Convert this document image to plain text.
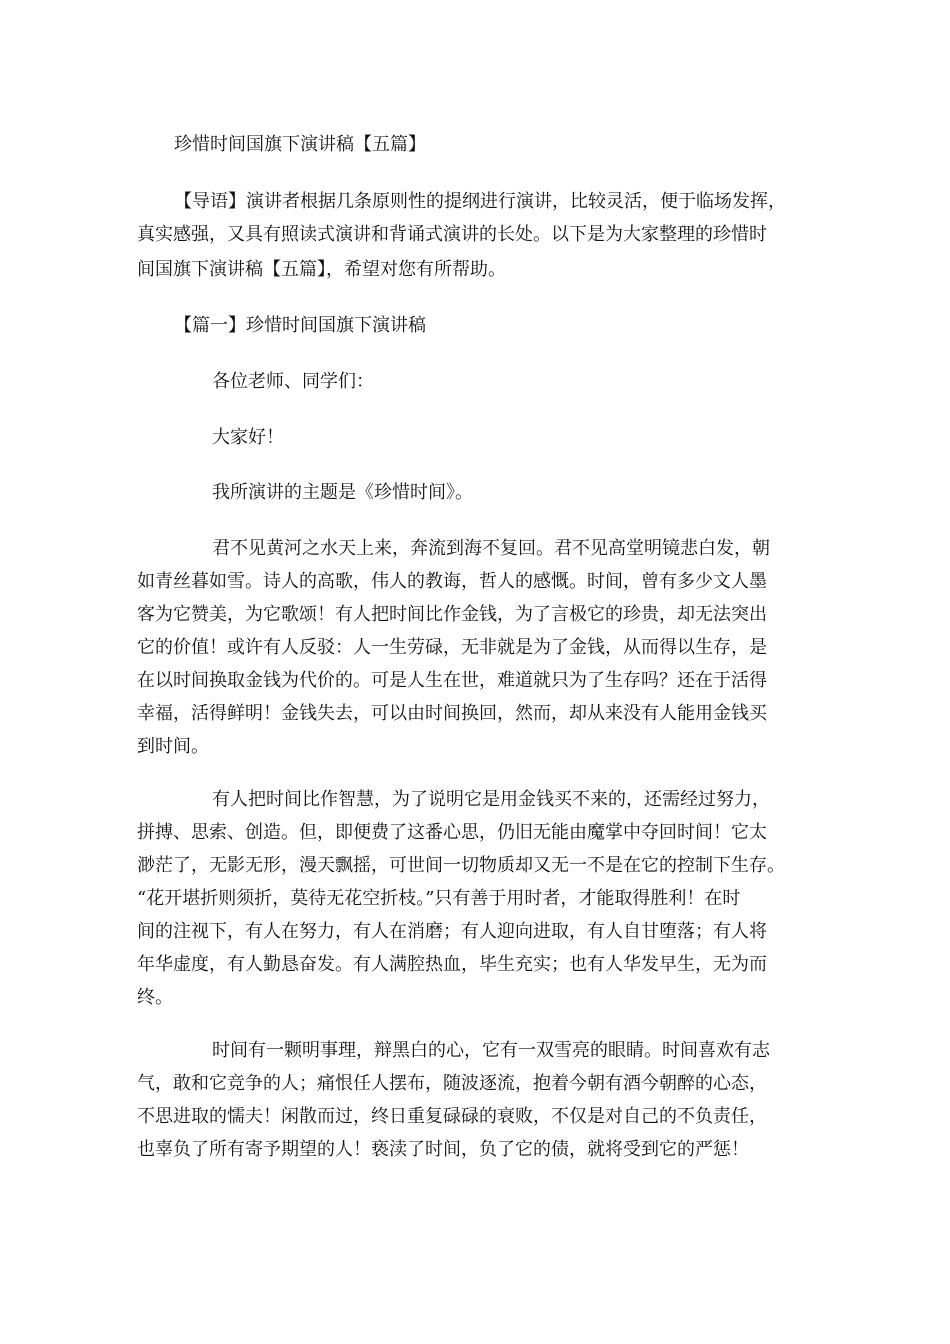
珍惜时间国旗下演讲稿【五篇】
【导语】演讲者根据几条原则性的提纲进行演讲，比较灵活，便于临场发挥，
真实感强，又具有照读式演讲和背诵式演讲的长处。以下是为大家整理的珍惜时
间国旗下演讲稿【五篇】，希望对您有所帮助。
【篇一】珍惜时间国旗下演讲稿
各位老师、同学们：
大家好！
我所演讲的主题是《珍惜时间》。
君不见黄河之水天上来，奔流到海不复回。君不见高堂明镜悲白发，朝
如青丝暮如雪。诗人的高歌，伟人的教诲，哲人的感慨。时间，曾有多少文人墨
客为它赞美，为它歌颂！有人把时间比作金钱，为了言极它的珍贵，却无法突出
它的价值！或许有人反驳：人一生劳碌，无非就是为了金钱，从而得以生存，是
在以时间换取金钱为代价的。可是人生在世，难道就只为了生存吗？还在于活得
幸福，活得鲜明！金钱失去，可以由时间换回，然而，却从来没有人能用金钱买
到时间。
有人把时间比作智慧，为了说明它是用金钱买不来的，还需经过努力，
拼搏、思索、创造。但，即便费了这番心思，仍旧无能由魔掌中夺回时间！它太
渺茫了，无影无形，漫天飘摇，可世间一切物质却又无一不是在它的控制下生存。
“花开堪折则须折，莫待无花空折枝。”只有善于用时者，才能取得胜利！在时
间的注视下，有人在努力，有人在消磨；有人迎向进取，有人自甘堕落；有人将
年华虚度，有人勤恳奋发。有人满腔热血，毕生充实；也有人华发早生，无为而
终。
时间有一颗明事理，辩黑白的心，它有一双雪亮的眼睛。时间喜欢有志
气，敢和它竞争的人；痛恨任人摆布，随波逐流，抱着今朝有酒今朝醉的心态，
不思进取的懦夫！闲散而过，终日重复碌碌的衰败，不仅是对自己的不负责任，
也辜负了所有寄予期望的人！亵渎了时间，负了它的债，就将受到它的严惩！
